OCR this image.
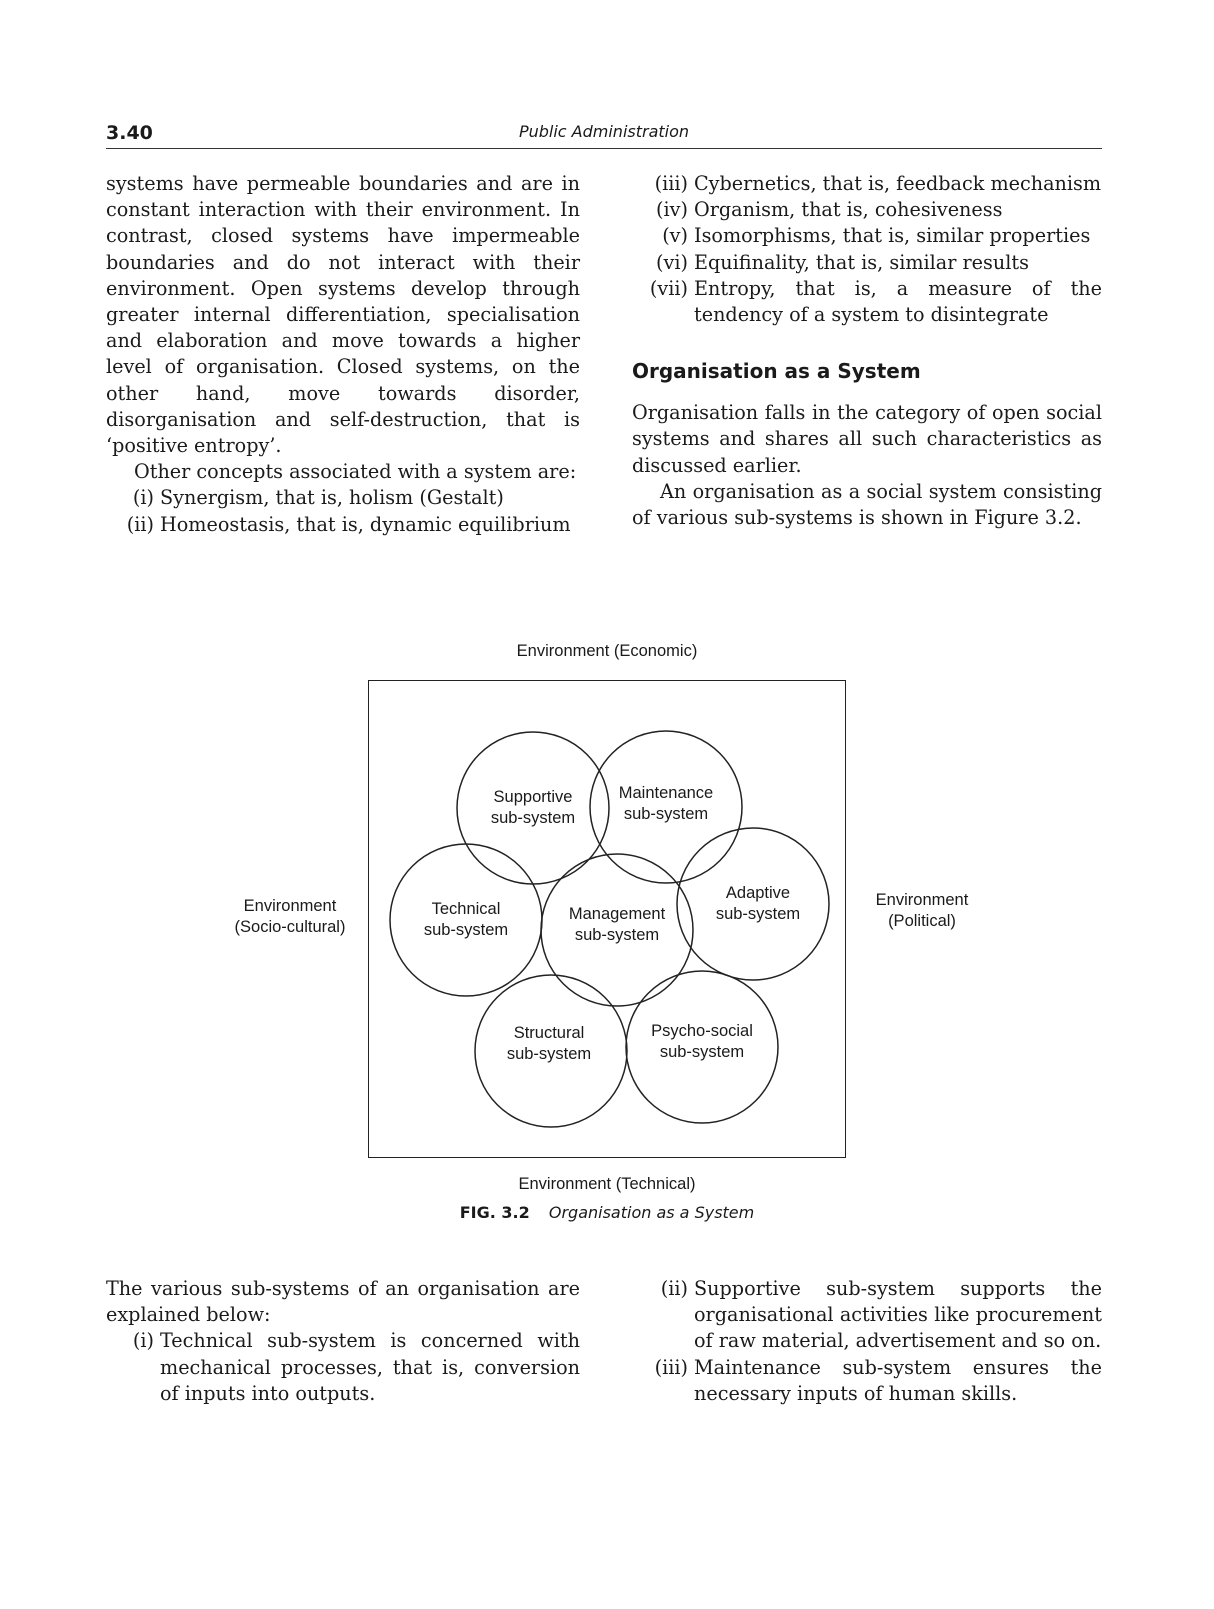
3.40	Public Administration

systems have permeable boundaries and are in constant interaction with their environment. In contrast, closed systems have impermeable boundaries and do not interact with their environment. Open systems develop through greater internal differentiation, specialisation and elaboration and move towards a higher level of organisation. Closed systems, on the other hand, move towards disorder, disorganisation and self-destruction, that is ‘positive entropy’.

Other concepts associated with a system are:

(i) Synergism, that is, holism (Gestalt)
(ii) Homeostasis, that is, dynamic equilibrium
(iii) Cybernetics, that is, feedback mechanism
(iv) Organism, that is, cohesiveness
(v) Isomorphisms, that is, similar properties
(vi) Equifinality, that is, similar results
(vii) Entropy, that is, a measure of the tendency of a system to disintegrate
Organisation as a System

Organisation falls in the category of open social systems and shares all such characteristics as discussed earlier.

An organisation as a social system consisting of various sub-systems is shown in Figure 3.2.

Environment (Economic)
Environment
(Socio-cultural)
Environment
(Political)
Environment (Technical)
Supportive
sub-system
Maintenance
sub-system
Technical
sub-system
Management
sub-system
Adaptive
sub-system
Structural
sub-system
Psycho-social
sub-system
FIG. 3.2 Organisation as a System

The various sub-systems of an organisation are explained below:

(i) Technical sub-system is concerned with mechanical processes, that is, conversion of inputs into outputs.
(ii) Supportive sub-system supports the organisational activities like procurement of raw material, advertisement and so on.
(iii) Maintenance sub-system ensures the necessary inputs of human skills.
